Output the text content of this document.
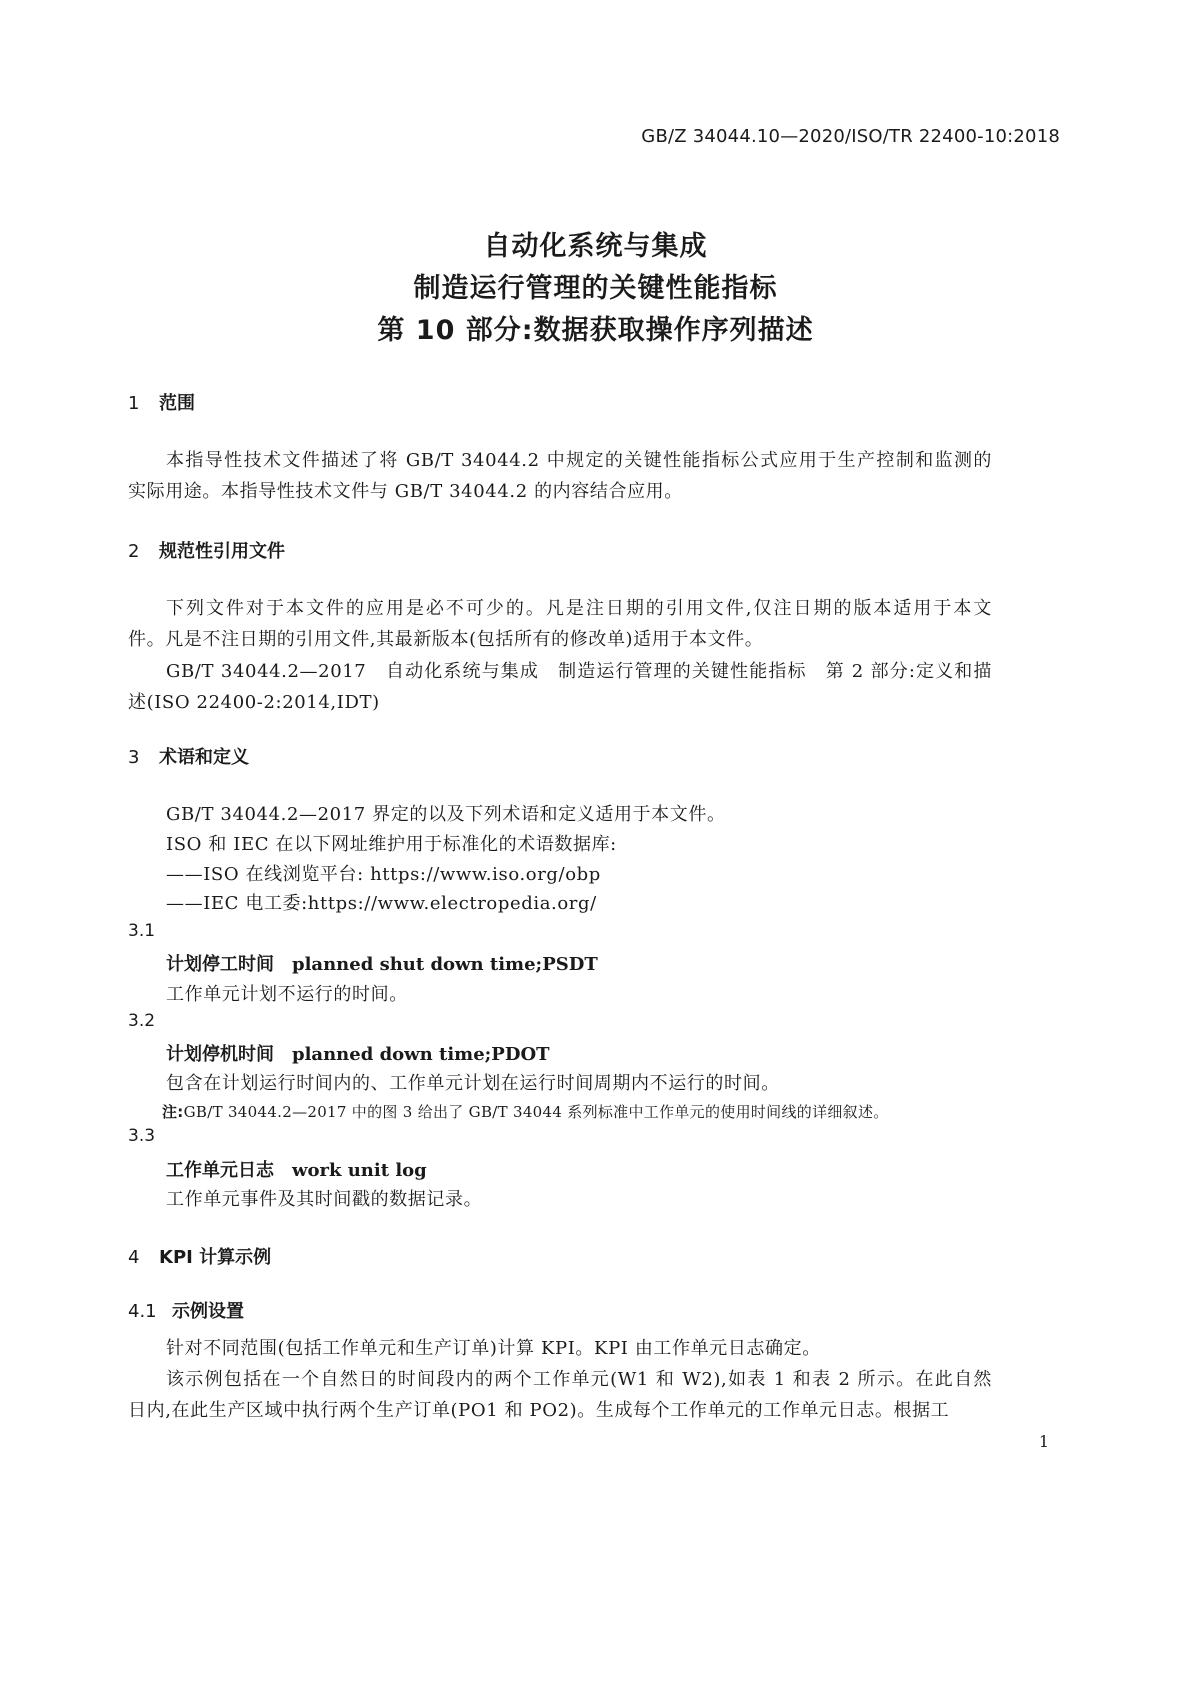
GB/Z 34044.10—2020/ISO/TR 22400-10:2018
自动化系统与集成
制造运行管理的关键性能指标
第 10 部分:数据获取操作序列描述
1 范围
本指导性技术文件描述了将 GB/T 34044.2 中规定的关键性能指标公式应用于生产控制和监测的
实际用途。本指导性技术文件与 GB/T 34044.2 的内容结合应用。
2 规范性引用文件
下列文件对于本文件的应用是必不可少的。凡是注日期的引用文件,仅注日期的版本适用于本文
件。凡是不注日期的引用文件,其最新版本(包括所有的修改单)适用于本文件。
GB/T 34044.2—2017　自动化系统与集成　制造运行管理的关键性能指标　第 2 部分:定义和描
述(ISO 22400-2:2014,IDT)
3 术语和定义
GB/T 34044.2—2017 界定的以及下列术语和定义适用于本文件。
ISO 和 IEC 在以下网址维护用于标准化的术语数据库:
——ISO 在线浏览平台: https://www.iso.org/obp
——IEC 电工委:https://www.electropedia.org/
3.1
计划停工时间 planned shut down time;PSDT
工作单元计划不运行的时间。
3.2
计划停机时间 planned down time;PDOT
包含在计划运行时间内的、工作单元计划在运行时间周期内不运行的时间。
注:GB/T 34044.2—2017 中的图 3 给出了 GB/T 34044 系列标准中工作单元的使用时间线的详细叙述。
3.3
工作单元日志 work unit log
工作单元事件及其时间戳的数据记录。
4 KPI 计算示例
4.1 示例设置
针对不同范围(包括工作单元和生产订单)计算 KPI。KPI 由工作单元日志确定。
该示例包括在一个自然日的时间段内的两个工作单元(W1 和 W2),如表 1 和表 2 所示。在此自然
日内,在此生产区域中执行两个生产订单(PO1 和 PO2)。生成每个工作单元的工作单元日志。根据工
1
